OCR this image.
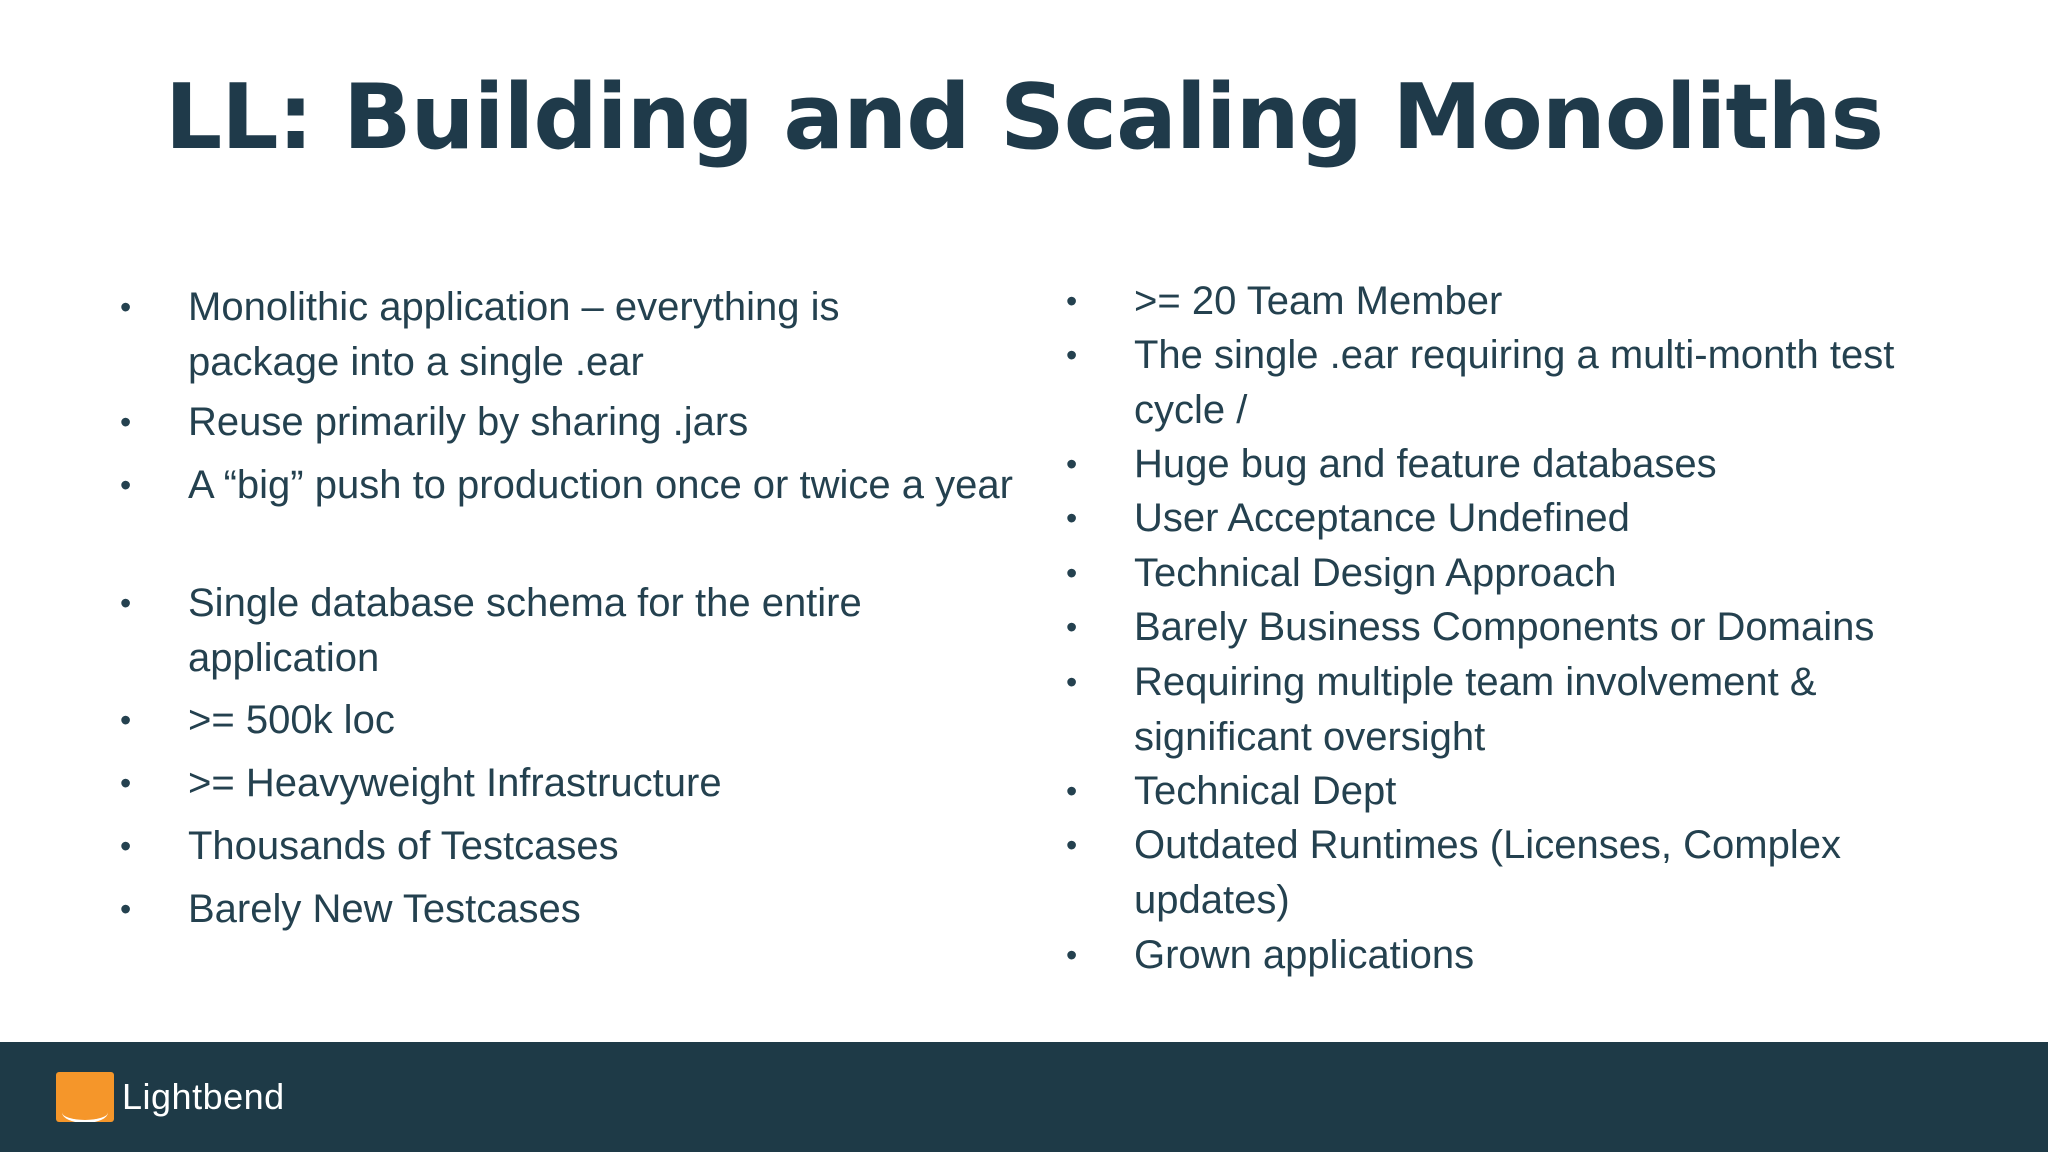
LL: Building and Scaling Monoliths
•	Monolithic application – everything is package into a single .ear
•	Reuse primarily by sharing .jars
•	A “big” push to production once or twice a year
•	Single database schema for the entire application
•	>= 500k loc
•	>= Heavyweight Infrastructure
•	Thousands of Testcases
•	Barely New Testcases
•	>= 20 Team Member
•	The single .ear requiring a multi-month test cycle /
•	Huge bug and feature databases
•	User Acceptance Undefined
•	Technical Design Approach
•	Barely Business Components or Domains
•	Requiring multiple team involvement & significant oversight
•	Technical Dept
•	Outdated Runtimes (Licenses, Complex updates)
•	Grown applications
Lightbend
